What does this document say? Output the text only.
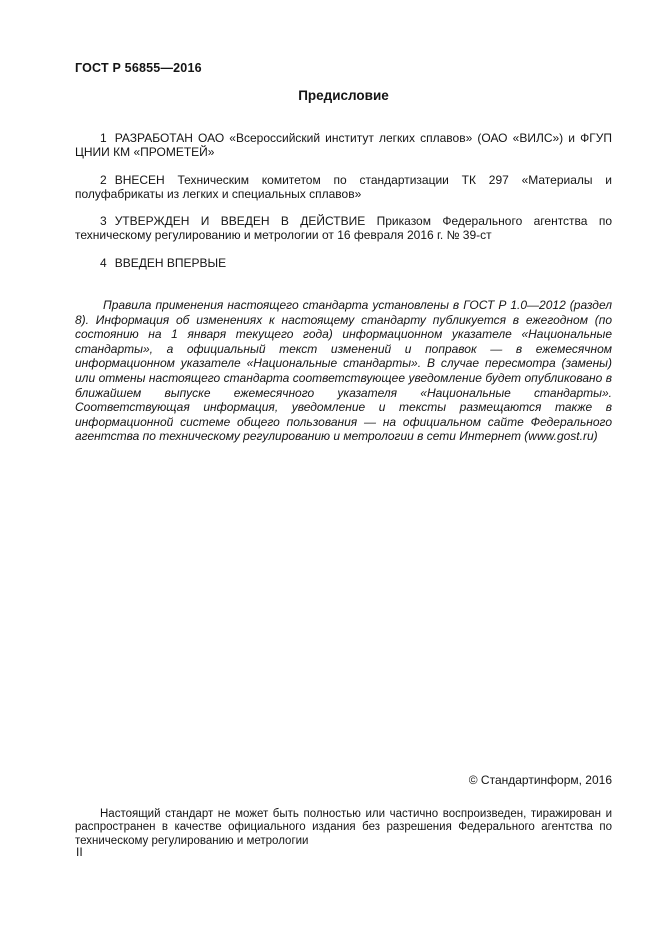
ГОСТ Р 56855—2016
Предисловие

1 РАЗРАБОТАН ОАО «Всероссийский институт легких сплавов» (ОАО «ВИЛС») и ФГУП ЦНИИ КМ «ПРОМЕТЕЙ»

2 ВНЕСЕН Техническим комитетом по стандартизации ТК 297 «Материалы и полуфабрикаты из легких и специальных сплавов»

3 УТВЕРЖДЕН И ВВЕДЕН В ДЕЙСТВИЕ Приказом Федерального агентства по техническому регулированию и метрологии от 16 февраля 2016 г. № 39-ст

4 ВВЕДЕН ВПЕРВЫЕ

Правила применения настоящего стандарта установлены в ГОСТ Р 1.0—2012 (раздел 8). Информация об изменениях к настоящему стандарту публикуется в ежегодном (по состоянию на 1 января текущего года) информационном указателе «Национальные стандарты», а официальный текст изменений и поправок — в ежемесячном информационном указателе «Национальные стандарты». В случае пересмотра (замены) или отмены настоящего стандарта соответствующее уведомление будет опубликовано в ближайшем выпуске ежемесячного указателя «Национальные стандарты». Соответствующая информация, уведомление и тексты размещаются также в информационной системе общего пользования — на официальном сайте Федерального агентства по техническому регулированию и метрологии в сети Интернет (www.gost.ru)

© Стандартинформ, 2016

Настоящий стандарт не может быть полностью или частично воспроизведен, тиражирован и распространен в качестве официального издания без разрешения Федерального агентства по техническому регулированию и метрологии

II
